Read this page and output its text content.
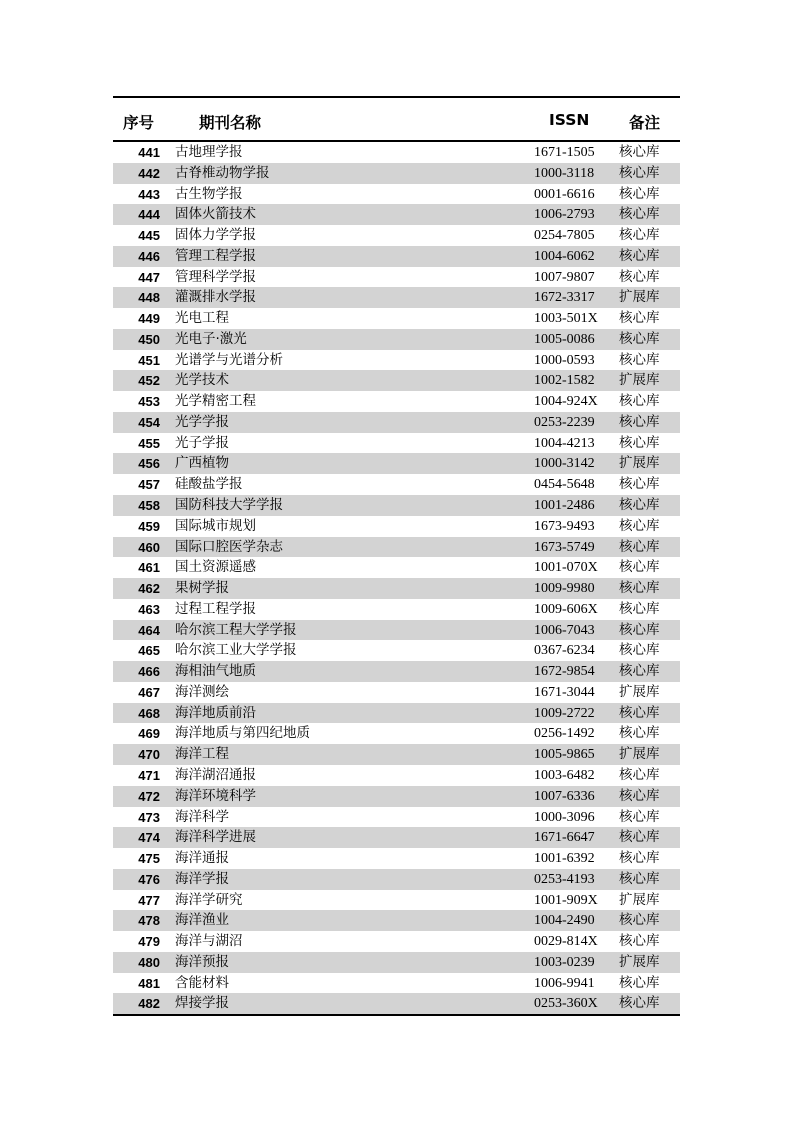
序号	期刊名称	ISSN	备注
441 古地理学报	1671-1505 核心库
442 古脊椎动物学报	1000-3118 核心库
443 古生物学报	0001-6616 核心库
444 固体火箭技术	1006-2793 核心库
445 固体力学学报	0254-7805 核心库
446 管理工程学报	1004-6062 核心库
447 管理科学学报	1007-9807 核心库
448 灌溉排水学报	1672-3317 扩展库
449 光电工程	1003-501X 核心库
450 光电子·激光	1005-0086 核心库
451 光谱学与光谱分析	1000-0593 核心库
452 光学技术	1002-1582 扩展库
453 光学精密工程	1004-924X 核心库
454 光学学报	0253-2239 核心库
455 光子学报	1004-4213 核心库
456 广西植物	1000-3142 扩展库
457 硅酸盐学报	0454-5648 核心库
458 国防科技大学学报	1001-2486 核心库
459 国际城市规划	1673-9493 核心库
460 国际口腔医学杂志	1673-5749 核心库
461 国土资源遥感	1001-070X 核心库
462 果树学报	1009-9980 核心库
463 过程工程学报	1009-606X 核心库
464 哈尔滨工程大学学报	1006-7043 核心库
465 哈尔滨工业大学学报	0367-6234 核心库
466 海相油气地质	1672-9854 核心库
467 海洋测绘	1671-3044 扩展库
468 海洋地质前沿	1009-2722 核心库
469 海洋地质与第四纪地质	0256-1492 核心库
470 海洋工程	1005-9865 扩展库
471 海洋湖沼通报	1003-6482 核心库
472 海洋环境科学	1007-6336 核心库
473 海洋科学	1000-3096 核心库
474 海洋科学进展	1671-6647 核心库
475 海洋通报	1001-6392 核心库
476 海洋学报	0253-4193 核心库
477 海洋学研究	1001-909X 扩展库
478 海洋渔业	1004-2490 核心库
479 海洋与湖沼	0029-814X 核心库
480 海洋预报	1003-0239 扩展库
481 含能材料	1006-9941 核心库
482 焊接学报	0253-360X 核心库
